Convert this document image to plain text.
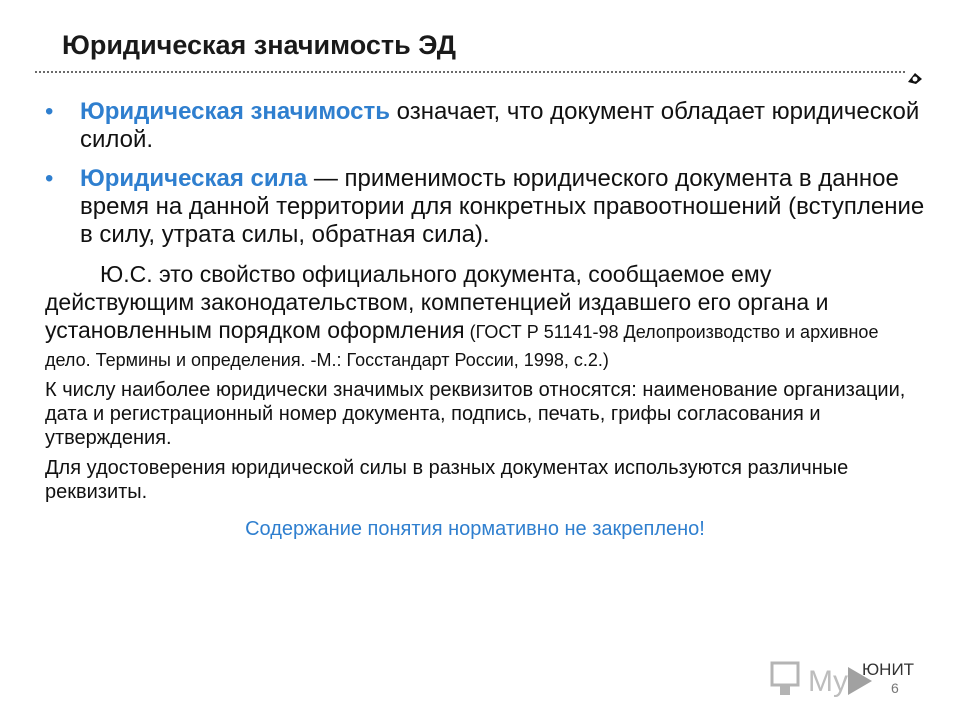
Юридическая значимость ЭД
• Юридическая значимость означает, что документ обладает юридической силой.
• Юридическая сила — применимость юридического документа в данное время на данной территории для конкретных правоотношений (вступление в силу, утрата силы, обратная сила).

Ю.С. это свойство официального документа, сообщаемое ему действующим законодательством, компетенцией издавшего его органа и установленным порядком оформления (ГОСТ Р 51141-98 Делопроизводство и архивное дело. Термины и определения. -М.: Госстандарт России, 1998, с.2.)

К числу наиболее юридически значимых реквизитов относятся: наименование организации, дата и регистрационный номер документа, подпись, печать, грифы согласования и утверждения.

Для удостоверения юридической силы в разных документах используются различные реквизиты.

Содержание понятия нормативно не закреплено!

My ЮНИТ
6
